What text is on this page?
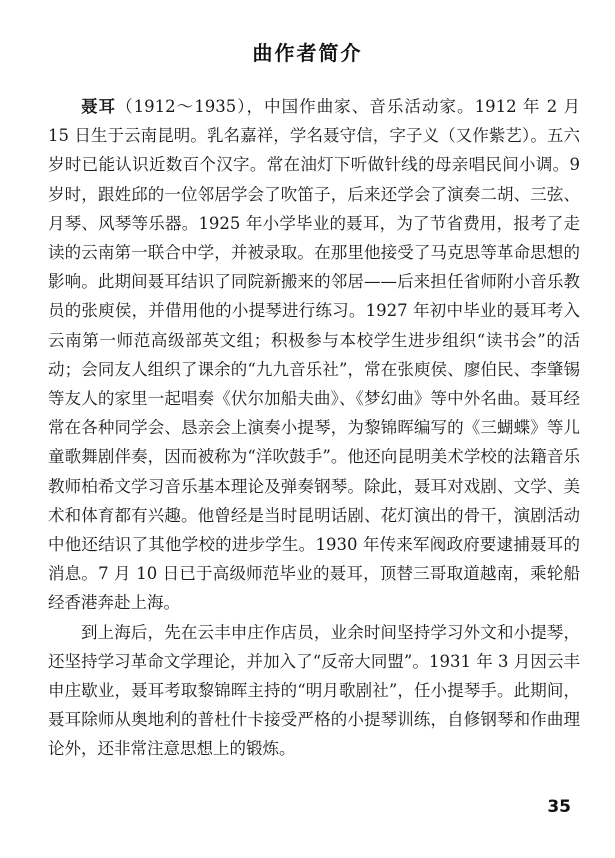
曲作者简介

聂耳（1912～1935），中国作曲家、音乐活动家。1912 年 2 月 15 日生于云南昆明。乳名嘉祥，学名聂守信，字子义（又作紫艺）。五六岁时已能认识近数百个汉字。常在油灯下听做针线的母亲唱民间小调。9 岁时，跟姓邱的一位邻居学会了吹笛子，后来还学会了演奏二胡、三弦、月琴、风琴等乐器。1925 年小学毕业的聂耳，为了节省费用，报考了走读的云南第一联合中学，并被录取。在那里他接受了马克思等革命思想的影响。此期间聂耳结识了同院新搬来的邻居——后来担任省师附小音乐教员的张庾侯，并借用他的小提琴进行练习。1927 年初中毕业的聂耳考入云南第一师范高级部英文组；积极参与本校学生进步组织“读书会”的活动；会同友人组织了课余的“九九音乐社”，常在张庾侯、廖伯民、李肇锡等友人的家里一起唱奏《伏尔加船夫曲》、《梦幻曲》等中外名曲。聂耳经常在各种同学会、恳亲会上演奏小提琴，为黎锦晖编写的《三蝴蝶》等儿童歌舞剧伴奏，因而被称为“洋吹鼓手”。他还向昆明美术学校的法籍音乐教师柏希文学习音乐基本理论及弹奏钢琴。除此，聂耳对戏剧、文学、美术和体育都有兴趣。他曾经是当时昆明话剧、花灯演出的骨干，演剧活动中他还结识了其他学校的进步学生。1930 年传来军阀政府要逮捕聂耳的消息。7 月 10 日已于高级师范毕业的聂耳，顶替三哥取道越南，乘轮船经香港奔赴上海。

到上海后，先在云丰申庄作店员，业余时间坚持学习外文和小提琴，还坚持学习革命文学理论，并加入了“反帝大同盟”。1931 年 3 月因云丰申庄歇业，聂耳考取黎锦晖主持的“明月歌剧社”，任小提琴手。此期间，聂耳除师从奥地利的普杜什卡接受严格的小提琴训练，自修钢琴和作曲理论外，还非常注意思想上的锻炼。

35
